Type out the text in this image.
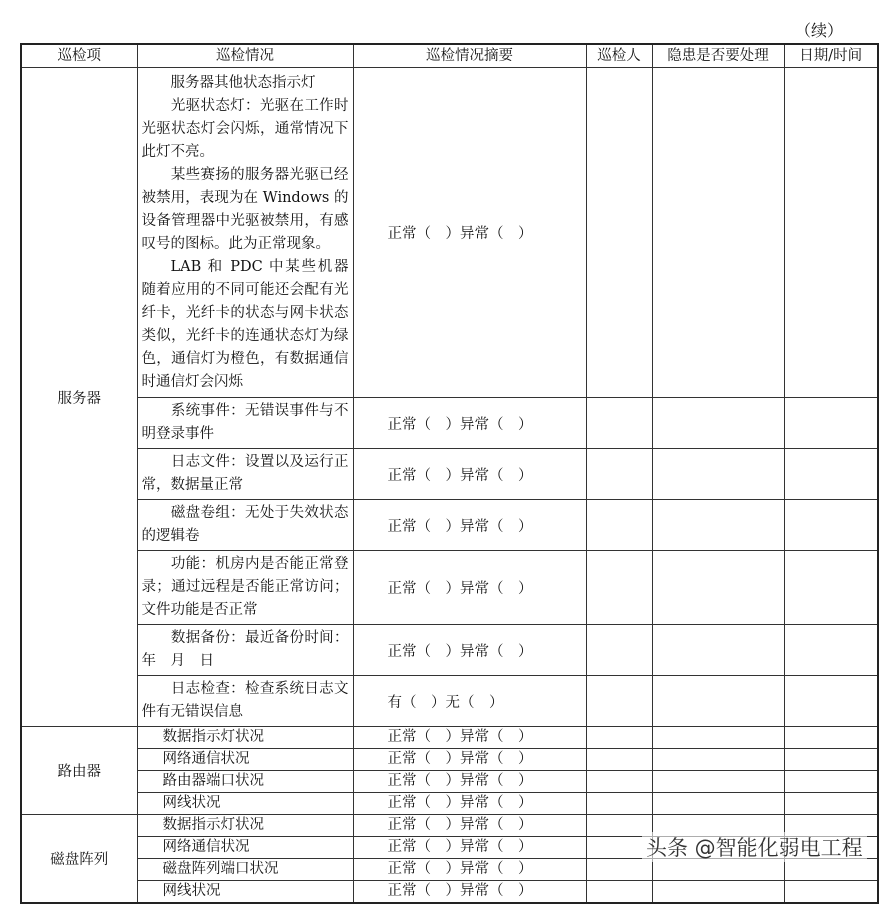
（续）
巡检项	巡检情况	巡检情况摘要	巡检人	隐患是否要处理	日期/时间
服务器	服务器其他状态指示灯

光驱状态灯：光驱在工作时光驱状态灯会闪烁，通常情况下此灯不亮。

某些赛扬的服务器光驱已经被禁用，表现为在 Windows 的设备管理器中光驱被禁用，有感叹号的图标。此为正常现象。

LAB 和 PDC 中某些机器随着应用的不同可能还会配有光纤卡，光纤卡的状态与网卡状态类似，光纤卡的连通状态灯为绿色，通信灯为橙色，有数据通信时通信灯会闪烁	正常（　）异常（　）			

	系统事件：无错误事件与不明登录事件	正常（　）异常（　）			

	日志文件：设置以及运行正常，数据量正常	正常（　）异常（　）			

	磁盘卷组：无处于失效状态的逻辑卷	正常（　）异常（　）			

	功能：机房内是否能正常登录；通过远程是否能正常访问；文件功能是否正常	正常（　）异常（　）			

	数据备份：最近备份时间：年　月　日	正常（　）异常（　）			

	日志检查：检查系统日志文件有无错误信息	有（　）无（　）			
路由器	数据指示灯状况	正常（　）异常（　）			
	网络通信状况	正常（　）异常（　）			
	路由器端口状况	正常（　）异常（　）			
	网线状况	正常（　）异常（　）			
磁盘阵列	数据指示灯状况	正常（　）异常（　）			
	网络通信状况	正常（　）异常（　）			
	磁盘阵列端口状况	正常（　）异常（　）			
	网线状况	正常（　）异常（　）			
头条 @智能化弱电工程
